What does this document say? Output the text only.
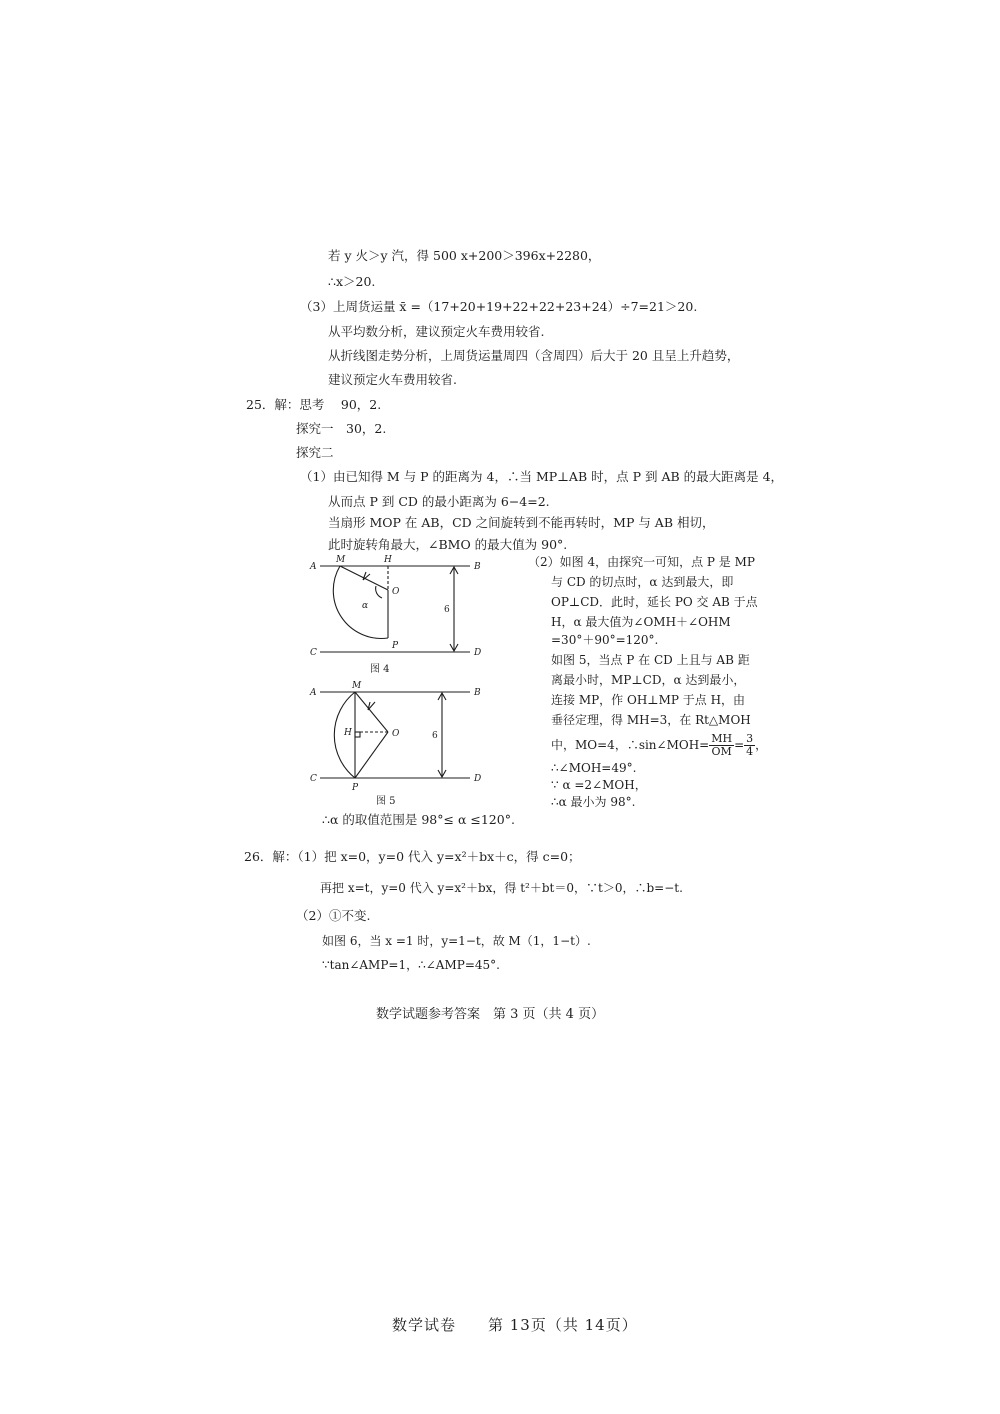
若 y 火＞y 汽，得 500 x+200＞396x+2280，
∴x＞20.
（3）上周货运量 x̄ =（17+20+19+22+22+23+24）÷7=21＞20.
从平均数分析，建议预定火车费用较省.
从折线图走势分析，上周货运量周四（含周四）后大于 20 且呈上升趋势，
建议预定火车费用较省.
25．解：思考　 90，2.
探究一　30，2.
探究二
（1）由已知得 M 与 P 的距离为 4，∴当 MP⊥AB 时，点 P 到 AB 的最大距离是 4，
从而点 P 到 CD 的最小距离为 6−4=2.
当扇形 MOP 在 AB，CD 之间旋转到不能再转时，MP 与 AB 相切，
此时旋转角最大，∠BMO 的最大值为 90°.
A	B
C	D
M	H
O
P
α	6
图 4
A	B
C	D
M
H	O
P
6
图 5
（2）如图 4，由探究一可知，点 P 是 MP
与 CD 的切点时，α 达到最大，即
OP⊥CD．此时，延长 PO 交 AB 于点
H，α 最大值为∠OMH＋∠OHM
=30°＋90°=120°.
如图 5，当点 P 在 CD 上且与 AB 距
离最小时，MP⊥CD，α 达到最小，
连接 MP，作 OH⊥MP 于点 H，由
垂径定理，得 MH=3，在 Rt△MOH
中，MO=4，∴sin∠MOH= $\frac{MH}{OM} = \frac{3}{4}$ ，
∴∠MOH=49°.
∵ α =2∠MOH，
∴α 最小为 98°.
∴α 的取值范围是 98°≤ α ≤120°.
26．解：（1）把 x=0，y=0 代入 y=x²＋bx＋c，得 c=0；
再把 x=t，y=0 代入 y=x²＋bx，得 t²＋bt＝0，∵t＞0，∴b=−t.
（2）①不变.
如图 6，当 x =1 时，y=1−t，故 M（1，1−t）.
∵tan∠AMP=1，∴∠AMP=45°.
数学试题参考答案　第 3 页（共 4 页）
数学试卷　　第 13页（共 14页）
